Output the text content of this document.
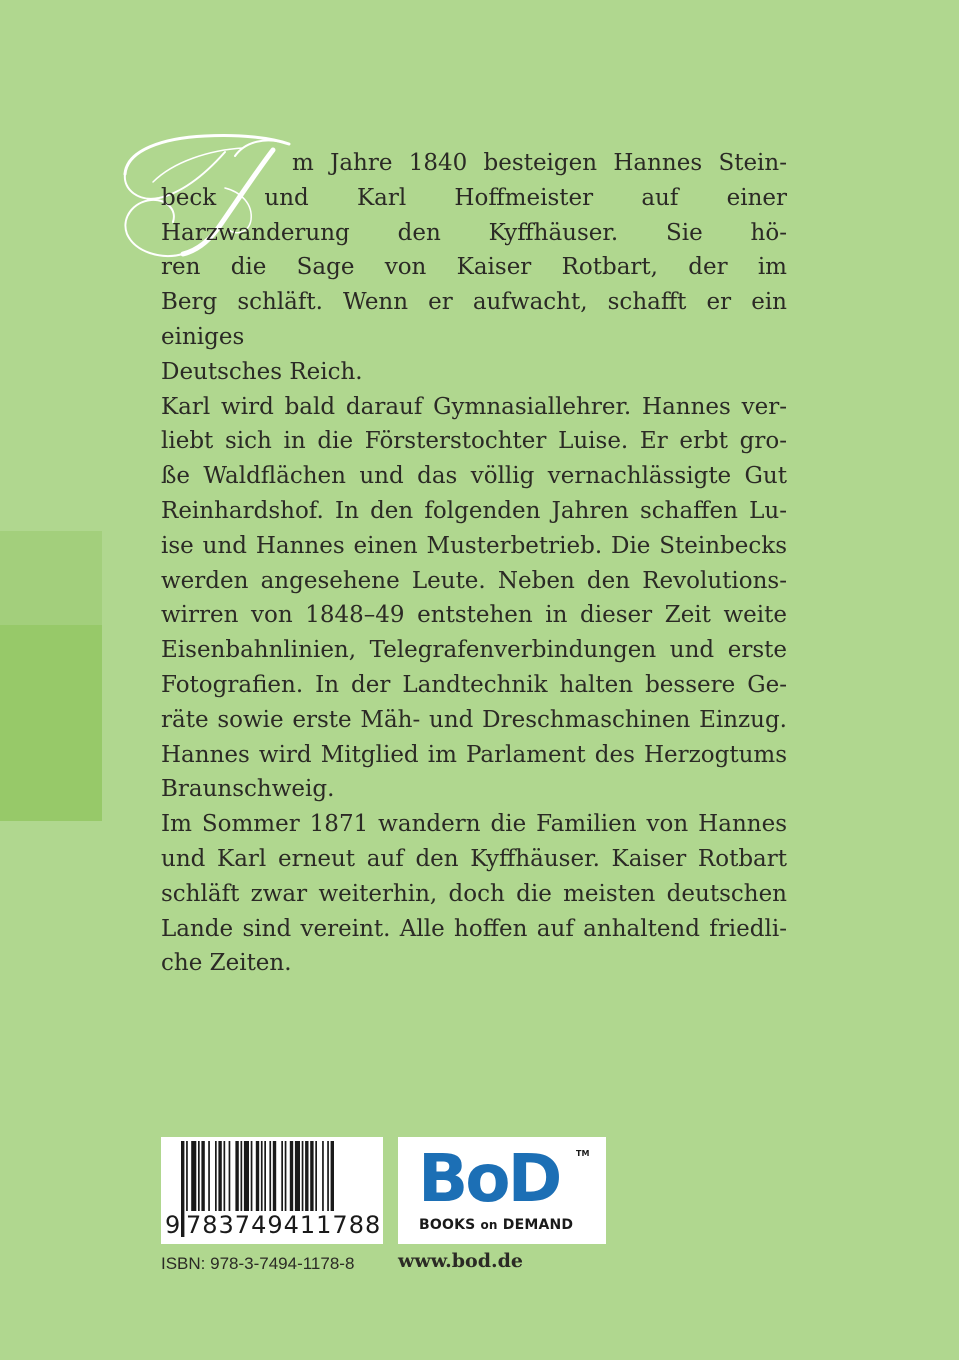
m Jahre 1840 besteigen Hannes Stein-

beck und Karl Hoffmeister auf einer

Harzwanderung den Kyffhäuser. Sie hö-

ren die Sage von Kaiser Rotbart, der im

Berg schläft. Wenn er aufwacht, schafft er ein einiges

Deutsches Reich.

Karl wird bald darauf Gymnasiallehrer. Hannes ver-

liebt sich in die Försterstochter Luise. Er erbt gro-

ße Waldflächen und das völlig vernachlässigte Gut

Reinhardshof. In den folgenden Jahren schaffen Lu-

ise und Hannes einen Musterbetrieb. Die Steinbecks

werden angesehene Leute. Neben den Revolutions-

wirren von 1848–49 entstehen in dieser Zeit weite

Eisenbahnlinien, Telegrafenverbindungen und erste

Fotografien. In der Landtechnik halten bessere Ge-

räte sowie erste Mäh- und Dreschmaschinen Einzug.

Hannes wird Mitglied im Parlament des Herzogtums

Braunschweig.

Im Sommer 1871 wandern die Familien von Hannes

und Karl erneut auf den Kyffhäuser. Kaiser Rotbart

schläft zwar weiterhin, doch die meisten deutschen

Lande sind vereint. Alle hoffen auf anhaltend friedli-

che Zeiten.

9 783749411788
BoD TM
BOOKS on DEMAND
ISBN: 978-3-7494-1178-8 www.bod.de
